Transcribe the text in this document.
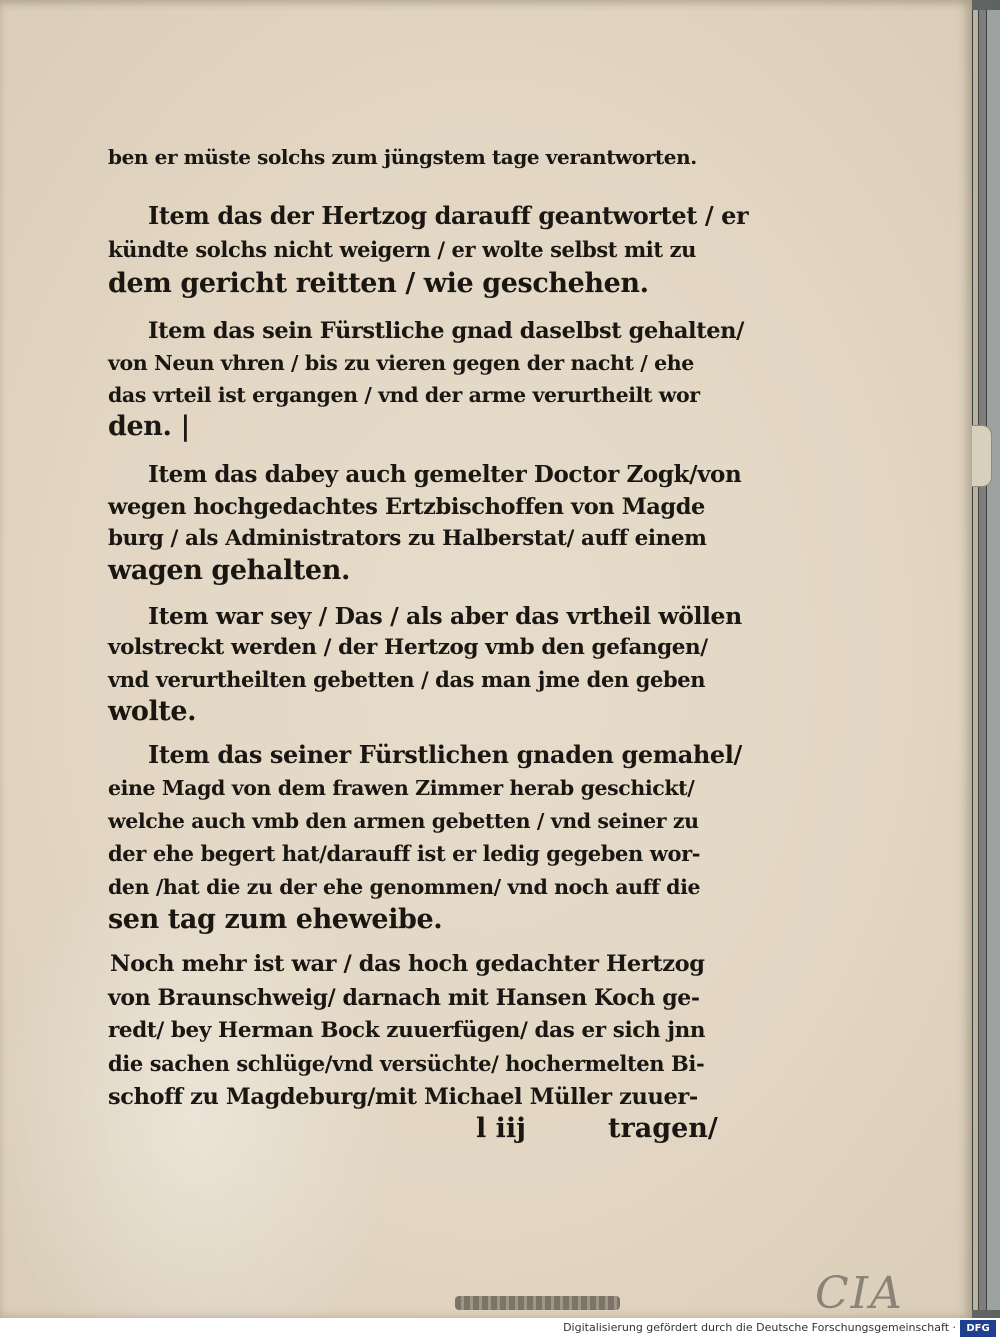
ben er müste solchs zum jüngstem tage verantworten.

Item das der Hertzog darauff geantwortet / er

kündte solchs nicht weigern / er wolte selbst mit zu

dem gericht reitten / wie geschehen.

Item das sein Fürstliche gnad daselbst gehalten/

von Neun vhren / bis zu vieren gegen der nacht / ehe

das vrteil ist ergangen / vnd der arme verurtheilt wor

den. |

Item das dabey auch gemelter Doctor Zogk/von

wegen hochgedachtes Ertzbischoffen von Magde

burg / als Administrators zu Halberstat/ auff einem

wagen gehalten.

Item war sey / Das / als aber das vrtheil wöllen

volstreckt werden / der Hertzog vmb den gefangen/

vnd verurtheilten gebetten / das man jme den geben

wolte.

Item das seiner Fürstlichen gnaden gemahel/

eine Magd von dem frawen Zimmer herab geschickt/

welche auch vmb den armen gebetten / vnd seiner zu

der ehe begert hat/darauff ist er ledig gegeben wor-

den /hat die zu der ehe genommen/ vnd noch auff die

sen tag zum eheweibe.

Noch mehr ist war / das hoch gedachter Hertzog

von Braunschweig/ darnach mit Hansen Koch ge-

redt/ bey Herman Bock zuuerfügen/ das er sich jnn

die sachen schlüge/vnd versüchte/ hochermelten Bi-

schoff zu Magdeburg/mit Michael Müller zuuer-

l iij	tragen/
CIA
Digitalisierung gefördert durch die Deutsche Forschungsgemeinschaft ·	DFG
